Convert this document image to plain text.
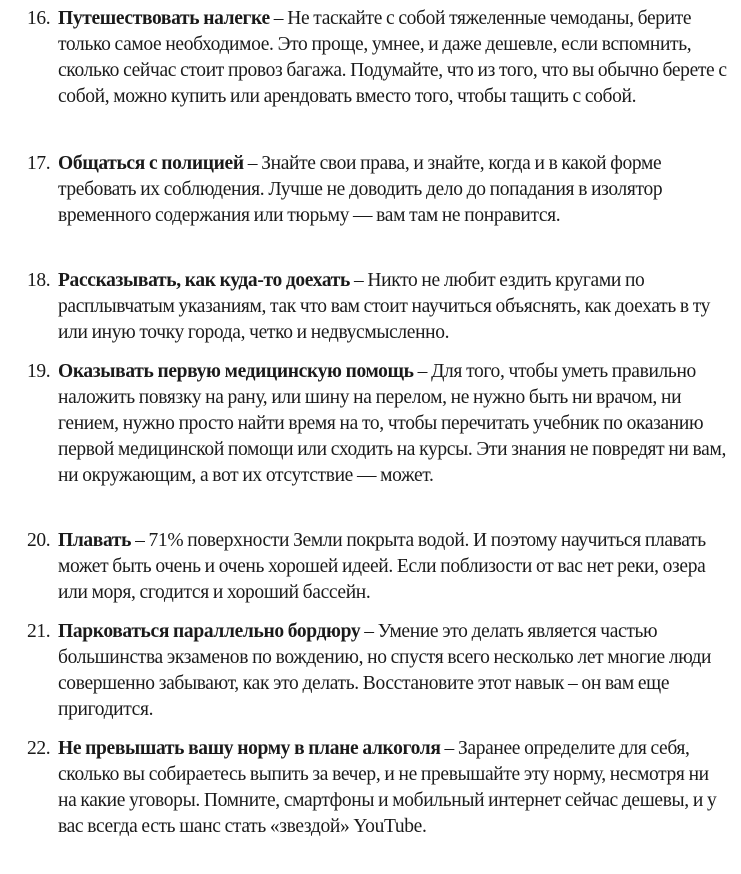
16. Путешествовать налегке – Не таскайте с собой тяжеленные чемоданы, берите только самое необходимое. Это проще, умнее, и даже дешевле, если вспомнить, сколько сейчас стоит провоз багажа. Подумайте, что из того, что вы обычно берете с собой, можно купить или арендовать вместо того, чтобы тащить с собой.
17. Общаться с полицией – Знайте свои права, и знайте, когда и в какой форме требовать их соблюдения. Лучше не доводить дело до попадания в изолятор временного содержания или тюрьму — вам там не понравится.
18. Рассказывать, как куда-то доехать – Никто не любит ездить кругами по расплывчатым указаниям, так что вам стоит научиться объяснять, как доехать в ту или иную точку города, четко и недвусмысленно.
19. Оказывать первую медицинскую помощь – Для того, чтобы уметь правильно наложить повязку на рану, или шину на перелом, не нужно быть ни врачом, ни гением, нужно просто найти время на то, чтобы перечитать учебник по оказанию первой медицинской помощи или сходить на курсы. Эти знания не повредят ни вам, ни окружающим, а вот их отсутствие — может.
20. Плавать – 71% поверхности Земли покрыта водой. И поэтому научиться плавать может быть очень и очень хорошей идеей. Если поблизости от вас нет реки, озера или моря, сгодится и хороший бассейн.
21. Парковаться параллельно бордюру – Умение это делать является частью большинства экзаменов по вождению, но спустя всего несколько лет многие люди совершенно забывают, как это делать. Восстановите этот навык – он вам еще пригодится.
22. Не превышать вашу норму в плане алкоголя – Заранее определите для себя, сколько вы собираетесь выпить за вечер, и не превышайте эту норму, несмотря ни на какие уговоры. Помните, смартфоны и мобильный интернет сейчас дешевы, и у вас всегда есть шанс стать «звездой» YouTube.
